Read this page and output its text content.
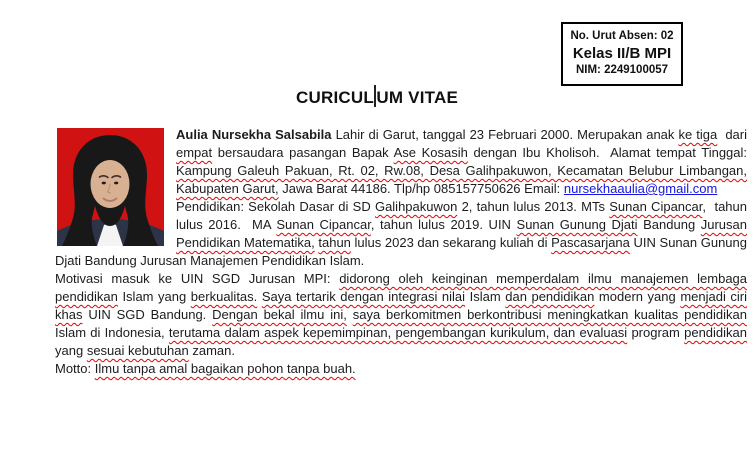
No. Urut Absen: 02
Kelas II/B MPI
NIM: 2249100057
CURICUL UM VITAE

Aulia Nursekha Salsabila Lahir di Garut, tanggal 23 Februari 2000. Merupakan anak ke tiga  dari empat bersaudara pasangan Bapak Ase Kosasih dengan Ibu Kholisoh.  Alamat tempat Tinggal: Kampung Galeuh Pakuan, Rt. 02, Rw.08, Desa Galihpakuwon, Kecamatan Belubur Limbangan, Kabupaten Garut, Jawa Barat 44186. Tlp/hp 085157750626 Email: nursekhaaulia@gmail.com

Pendidikan: Sekolah Dasar di SD Galihpakuwon 2, tahun lulus 2013. MTs Sunan Cipancar,  tahun lulus 2016.  MA Sunan Cipancar, tahun lulus 2019. UIN Sunan Gunung Djati Bandung Jurusan Pendidikan Matematika, tahun lulus 2023 dan sekarang kuliah di Pascasarjana UIN Sunan Gunung Djati Bandung Jurusan Manajemen Pendidikan Islam.

Motivasi masuk ke UIN SGD Jurusan MPI: didorong oleh keinginan memperdalam ilmu manajemen lembaga pendidikan Islam yang berkualitas. Saya tertarik dengan integrasi nilai Islam dan pendidikan modern yang menjadi ciri khas UIN SGD Bandung. Dengan bekal ilmu ini, saya berkomitmen berkontribusi meningkatkan kualitas pendidikan Islam di Indonesia, terutama dalam aspek kepemimpinan, pengembangan kurikulum, dan evaluasi program pendidikan yang sesuai kebutuhan zaman.

Motto: Ilmu tanpa amal bagaikan pohon tanpa buah.
